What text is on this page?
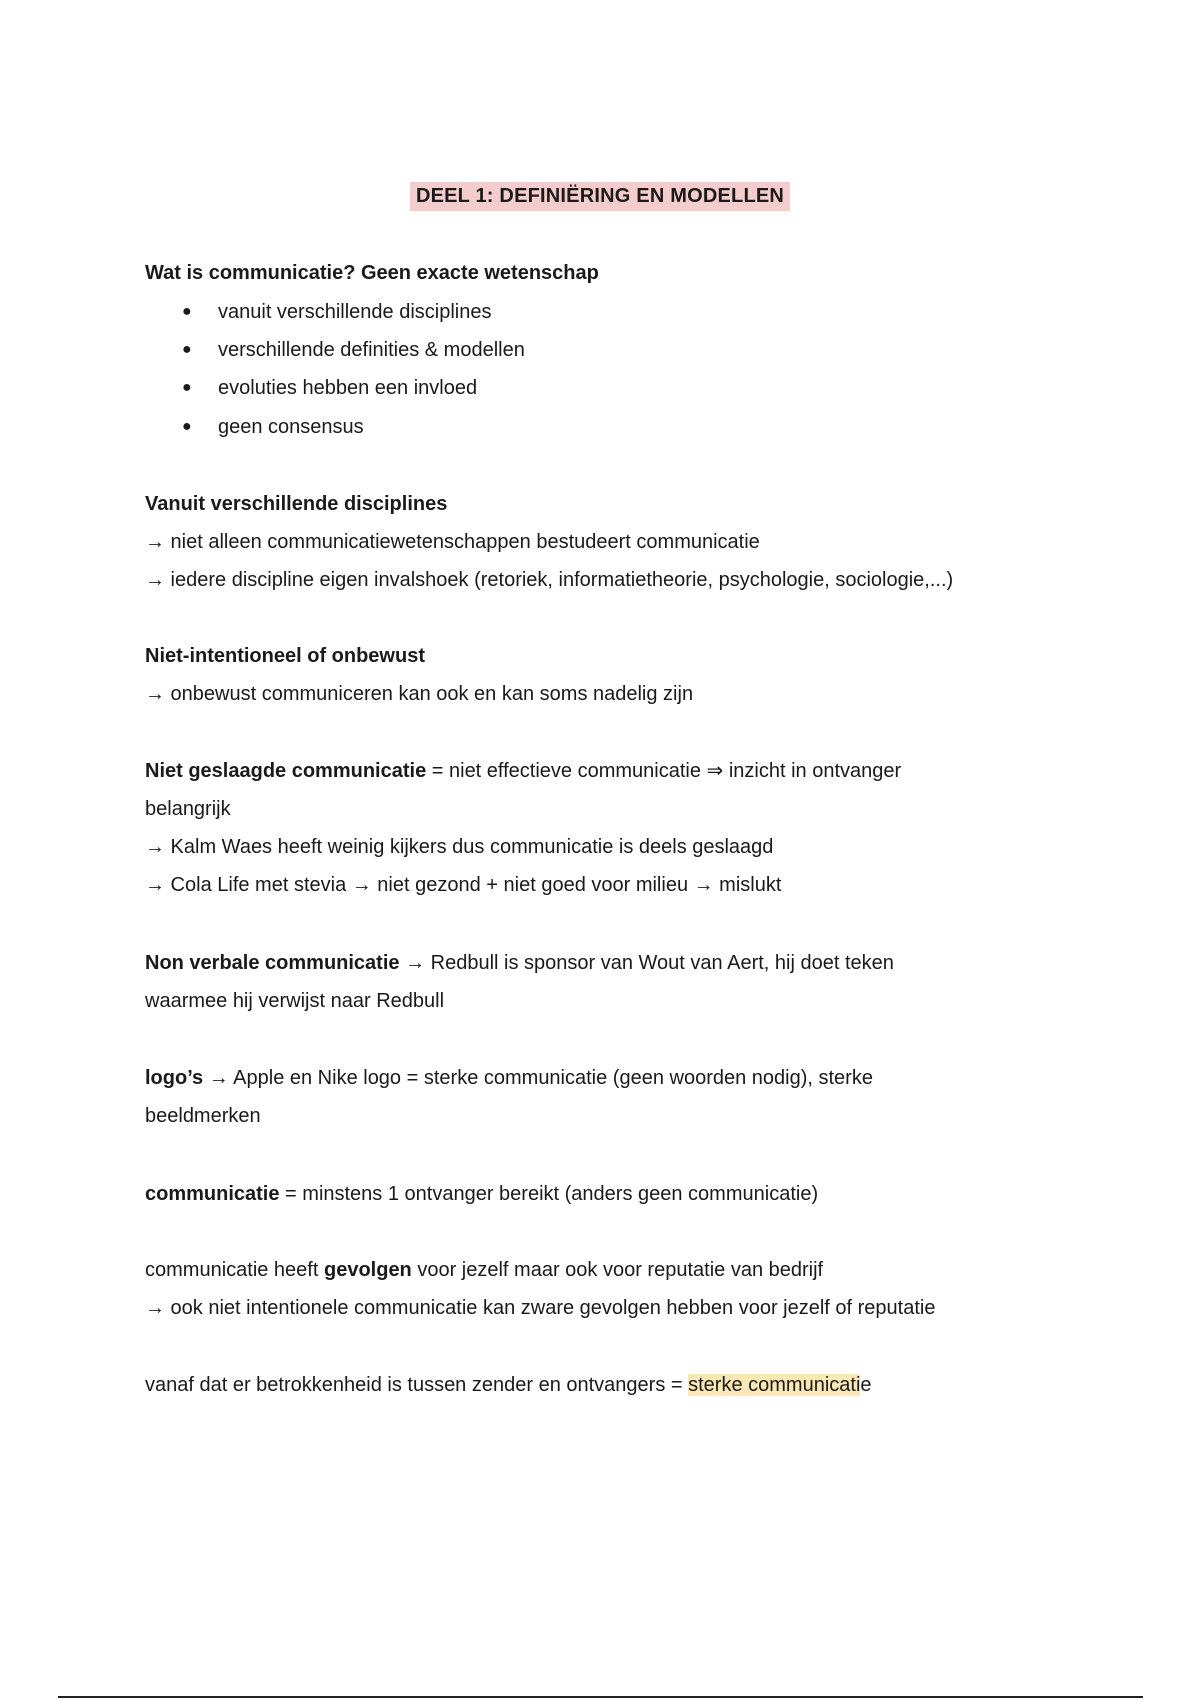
DEEL 1: DEFINIËRING EN MODELLEN
Wat is communicatie? Geen exacte wetenschap
● vanuit verschillende disciplines
● verschillende definities & modellen
● evoluties hebben een invloed
● geen consensus
Vanuit verschillende disciplines
→ niet alleen communicatiewetenschappen bestudeert communicatie
→ iedere discipline eigen invalshoek (retoriek, informatietheorie, psychologie, sociologie,...)
Niet-intentioneel of onbewust
→ onbewust communiceren kan ook en kan soms nadelig zijn
Niet geslaagde communicatie = niet effectieve communicatie ⇒ inzicht in ontvanger
belangrijk
→ Kalm Waes heeft weinig kijkers dus communicatie is deels geslaagd
→ Cola Life met stevia → niet gezond + niet goed voor milieu → mislukt
Non verbale communicatie → Redbull is sponsor van Wout van Aert, hij doet teken
waarmee hij verwijst naar Redbull
logo’s → Apple en Nike logo = sterke communicatie (geen woorden nodig), sterke
beeldmerken
communicatie = minstens 1 ontvanger bereikt (anders geen communicatie)
communicatie heeft gevolgen voor jezelf maar ook voor reputatie van bedrijf
→ ook niet intentionele communicatie kan zware gevolgen hebben voor jezelf of reputatie
vanaf dat er betrokkenheid is tussen zender en ontvangers = sterke communicatie
